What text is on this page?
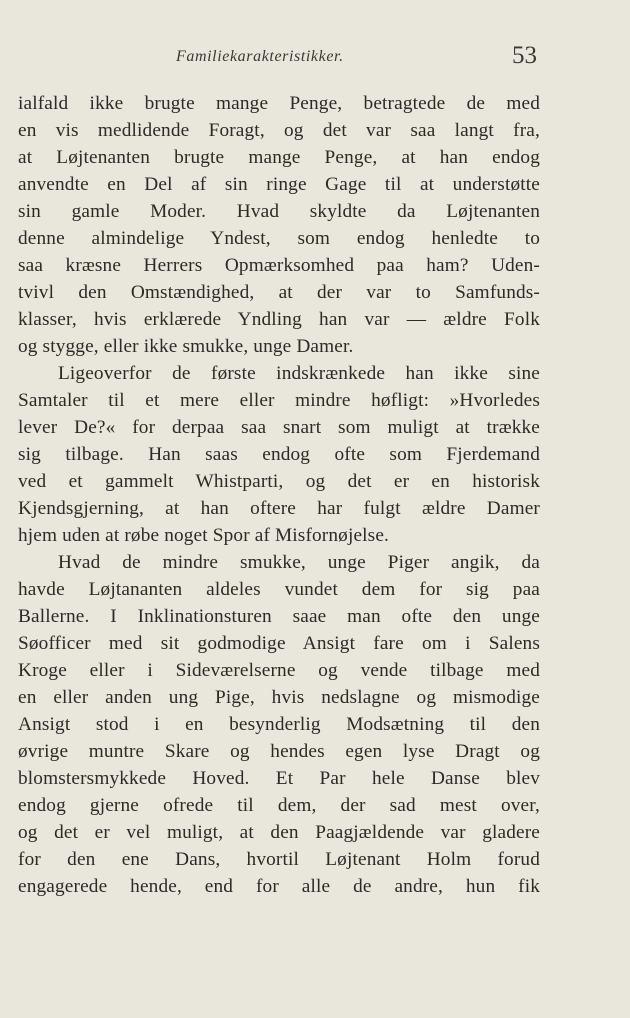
Familiekarakteristikker.	53
ialfald ikke brugte mange Penge, betragtede de med
en vis medlidende Foragt, og det var saa langt fra,
at Løjtenanten brugte mange Penge, at han endog
anvendte en Del af sin ringe Gage til at understøtte
sin gamle Moder. Hvad skyldte da Løjtenanten
denne almindelige Yndest, som endog henledte to
saa kræsne Herrers Opmærksomhed paa ham? Uden-
tvivl den Omstændighed, at der var to Samfunds-
klasser, hvis erklærede Yndling han var — ældre Folk
og stygge, eller ikke smukke, unge Damer.
Ligeoverfor de første indskrænkede han ikke sine
Samtaler til et mere eller mindre høfligt: »Hvorledes
lever De?« for derpaa saa snart som muligt at trække
sig tilbage. Han saas endog ofte som Fjerdemand
ved et gammelt Whistparti, og det er en historisk
Kjendsgjerning, at han oftere har fulgt ældre Damer
hjem uden at røbe noget Spor af Misfornøjelse.
Hvad de mindre smukke, unge Piger angik, da
havde Løjtananten aldeles vundet dem for sig paa
Ballerne. I Inklinationsturen saae man ofte den unge
Søofficer med sit godmodige Ansigt fare om i Salens
Kroge eller i Sideværelserne og vende tilbage med
en eller anden ung Pige, hvis nedslagne og mismodige
Ansigt stod i en besynderlig Modsætning til den
øvrige muntre Skare og hendes egen lyse Dragt og
blomstersmykkede Hoved. Et Par hele Danse blev
endog gjerne ofrede til dem, der sad mest over,
og det er vel muligt, at den Paagjældende var gladere
for den ene Dans, hvortil Løjtenant Holm forud
engagerede hende, end for alle de andre, hun fik
